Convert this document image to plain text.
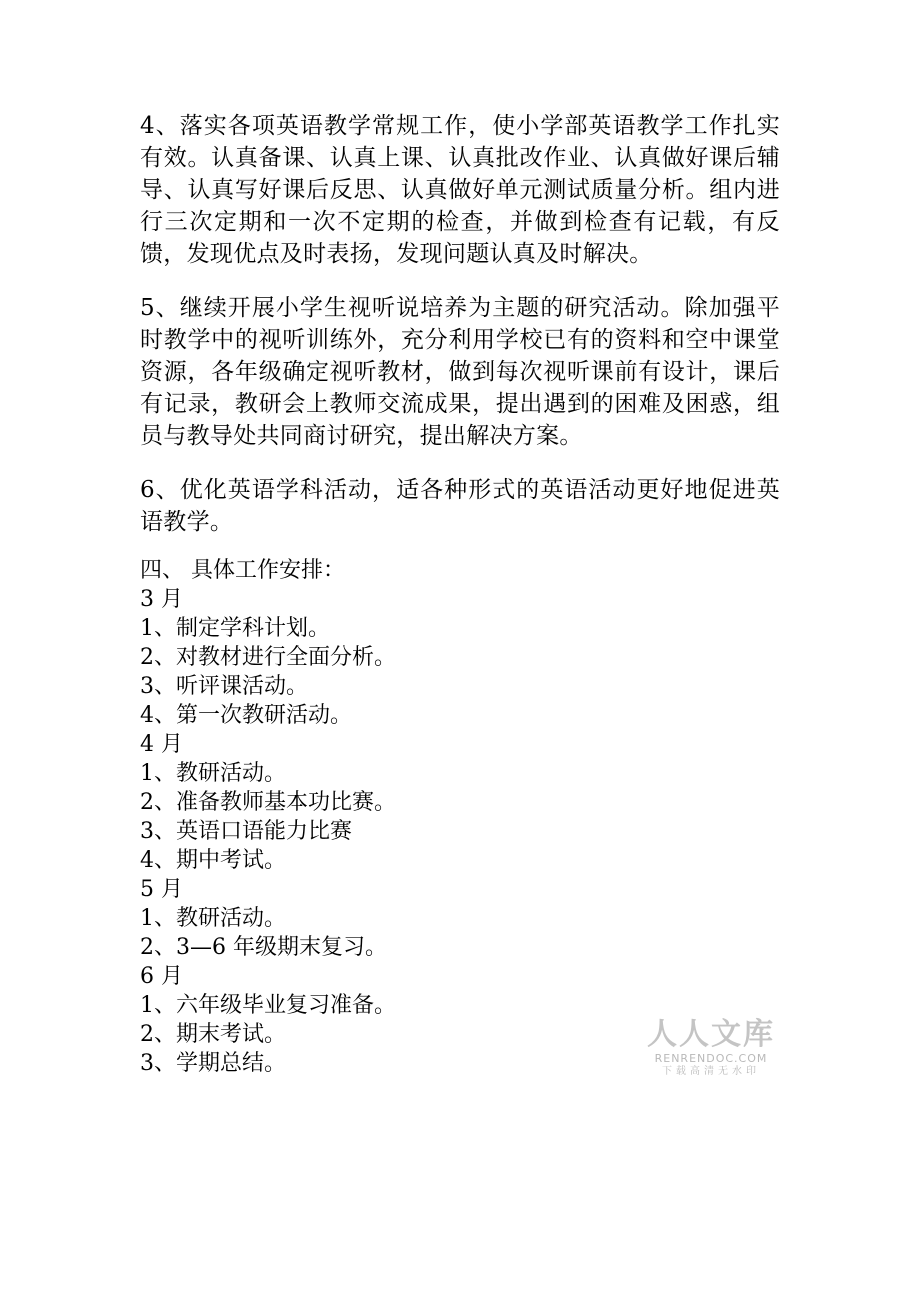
4、落实各项英语教学常规工作，使小学部英语教学工作扎实有效。认真备课、认真上课、认真批改作业、认真做好课后辅导、认真写好课后反思、认真做好单元测试质量分析。组内进行三次定期和一次不定期的检查，并做到检查有记载，有反馈，发现优点及时表扬，发现问题认真及时解决。

5、继续开展小学生视听说培养为主题的研究活动。除加强平时教学中的视听训练外，充分利用学校已有的资料和空中课堂资源，各年级确定视听教材，做到每次视听课前有设计，课后有记录，教研会上教师交流成果，提出遇到的困难及困惑，组员与教导处共同商讨研究，提出解决方案。

6、优化英语学科活动，适各种形式的英语活动更好地促进英语教学。

四、 具体工作安排：
3 月
1、制定学科计划。
2、对教材进行全面分析。
3、听评课活动。
4、第一次教研活动。
4 月
1、教研活动。
2、准备教师基本功比赛。
3、英语口语能力比赛
4、期中考试。
5 月
1、教研活动。
2、3—6 年级期末复习。
6 月
1、六年级毕业复习准备。
2、期末考试。
3、学期总结。
人人文库
RENRENDOC.COM
下载高清无水印
